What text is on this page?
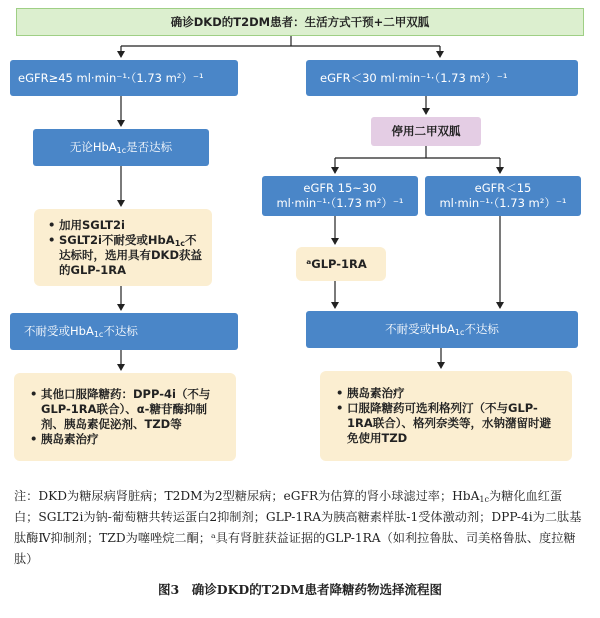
确诊DKD的T2DM患者：生活方式干预+二甲双胍
eGFR≥45 ml·min⁻¹·（1.73 m²）⁻¹
无论HbA$_{1c}$是否达标
• 加用SGLT2i
• SGLT2i不耐受或HbA$_{1c}$不达标时，选用具有DKD获益的GLP-1RA
不耐受或HbA$_{1c}$不达标
• 其他口服降糖药：DPP-4i（不与GLP-1RA联合）、α-糖苷酶抑制剂、胰岛素促泌剂、TZD等
• 胰岛素治疗
eGFR＜30 ml·min⁻¹·（1.73 m²）⁻¹
停用二甲双胍
eGFR 15~30
ml·min⁻¹·（1.73 m²）⁻¹
eGFR＜15
ml·min⁻¹·（1.73 m²）⁻¹
ᵃGLP-1RA
不耐受或HbA$_{1c}$不达标
• 胰岛素治疗
• 口服降糖药可选利格列汀（不与GLP-1RA联合）、格列奈类等，水钠潴留时避免使用TZD

注：DKD为糖尿病肾脏病；T2DM为2型糖尿病；eGFR为估算的肾小球滤过率；HbA$_{1c}$为糖化血红蛋白；SGLT2i为钠-葡萄糖共转运蛋白2抑制剂；GLP-1RA为胰高糖素样肽-1受体激动剂；DPP-4i为二肽基肽酶Ⅳ抑制剂；TZD为噻唑烷二酮；ᵃ具有肾脏获益证据的GLP-1RA（如利拉鲁肽、司美格鲁肽、度拉糖肽）

图3　确诊DKD的T2DM患者降糖药物选择流程图
